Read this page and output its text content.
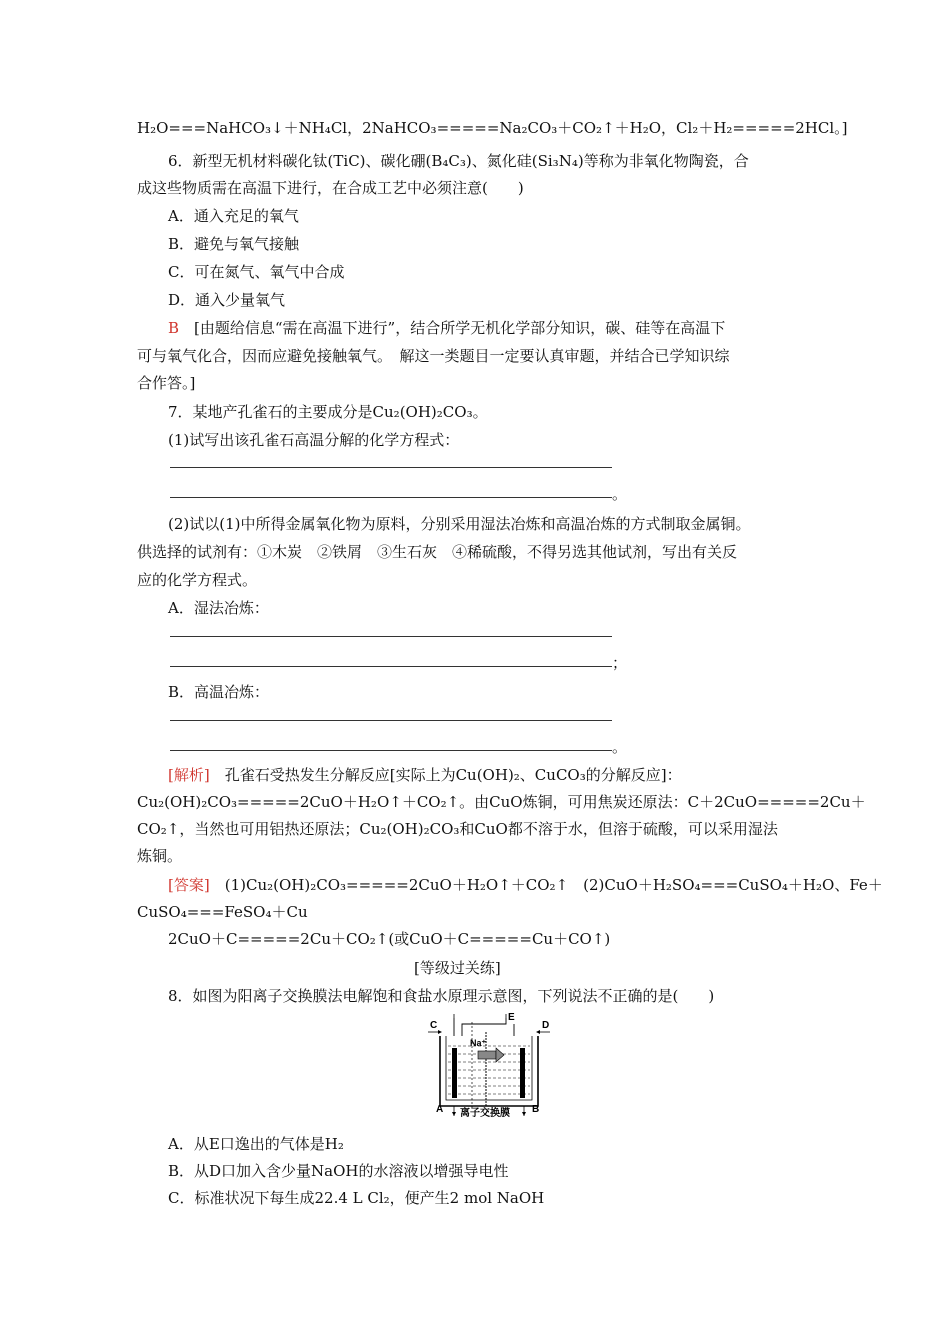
H₂O===NaHCO₃↓＋NH₄Cl，2NaHCO₃=====Na₂CO₃＋CO₂↑＋H₂O，Cl₂＋H₂=====2HCl。]
6．新型无机材料碳化钛(TiC)、碳化硼(B₄C₃)、氮化硅(Si₃N₄)等称为非氧化物陶瓷，合
成这些物质需在高温下进行，在合成工艺中必须注意(　　)
A．通入充足的氧气
B．避免与氧气接触
C．可在氮气、氧气中合成
D．通入少量氧气
B　[由题给信息“需在高温下进行”，结合所学无机化学部分知识，碳、硅等在高温下
可与氧气化合，因而应避免接触氧气。　解这一类题目一定要认真审题，并结合已学知识综
合作答。]
7．某地产孔雀石的主要成分是Cu₂(OH)₂CO₃。
(1)试写出该孔雀石高温分解的化学方程式：
。
(2)试以(1)中所得金属氧化物为原料，分别采用湿法冶炼和高温冶炼的方式制取金属铜。
供选择的试剂有：①木炭　②铁屑　③生石灰　④稀硫酸，不得另选其他试剂，写出有关反
应的化学方程式。
A．湿法冶炼：
；
B．高温冶炼：
。
[解析]　孔雀石受热发生分解反应[实际上为Cu(OH)₂、CuCO₃的分解反应]：
Cu₂(OH)₂CO₃=====2CuO＋H₂O↑＋CO₂↑。由CuO炼铜，可用焦炭还原法：C＋2CuO=====2Cu＋
CO₂↑，当然也可用铝热还原法；Cu₂(OH)₂CO₃和CuO都不溶于水，但溶于硫酸，可以采用湿法
炼铜。
[答案]　(1)Cu₂(OH)₂CO₃=====2CuO＋H₂O↑＋CO₂↑　(2)CuO＋H₂SO₄===CuSO₄＋H₂O、Fe＋
CuSO₄===FeSO₄＋Cu
2CuO＋C=====2Cu＋CO₂↑(或CuO＋C=====Cu＋CO↑)
[等级过关练]
8．如图为阳离子交换膜法电解饱和食盐水原理示意图，下列说法不正确的是(　　)
C
E
D
A	B
Na⁺
离子交换膜
A．从E口逸出的气体是H₂
B．从D口加入含少量NaOH的水溶液以增强导电性
C．标准状况下每生成22.4 L Cl₂，便产生2 mol NaOH
